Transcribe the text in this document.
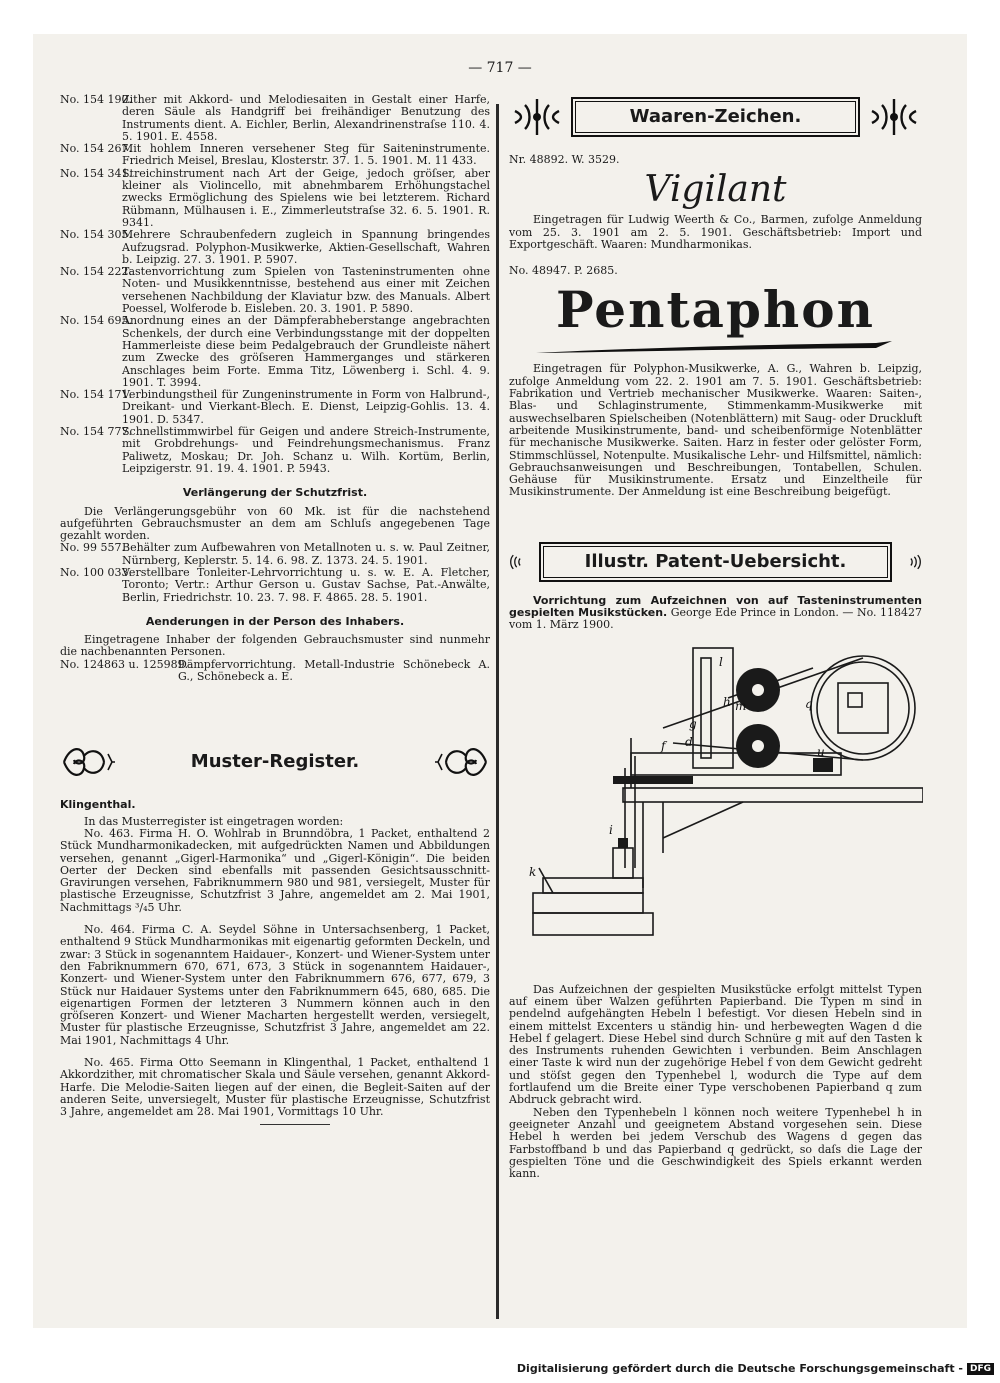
— 717 —

No. 154 190.
Zither mit Akkord- und Melodiesaiten in Gestalt einer Harfe, deren Säule als Handgriff bei freihändiger Benutzung des Instruments dient. A. Eichler, Berlin, Alexandrinenstraſse 110. 4. 5. 1901. E. 4558.

No. 154 267.
Mit hohlem Inneren versehener Steg für Saiteninstrumente. Friedrich Meisel, Breslau, Klosterstr. 37. 1. 5. 1901. M. 11 433.

No. 154 341.
Streichinstrument nach Art der Geige, jedoch gröſser, aber kleiner als Violincello, mit abnehmbarem Erhöhungstachel zwecks Ermöglichung des Spielens wie bei letzterem. Richard Rübmann, Mülhausen i. E., Zimmerleutstraſse 32. 6. 5. 1901. R. 9341.

No. 154 305.
Mehrere Schraubenfedern zugleich in Spannung bringendes Aufzugsrad. Polyphon-Musikwerke, Aktien-Gesellschaft, Wahren b. Leipzig. 27. 3. 1901. P. 5907.

No. 154 222.
Tastenvorrichtung zum Spielen von Tasteninstrumenten ohne Noten- und Musikkenntnisse, bestehend aus einer mit Zeichen versehenen Nachbildung der Klaviatur bzw. des Manuals. Albert Poessel, Wolferode b. Eisleben. 20. 3. 1901. P. 5890.

No. 154 695.
Anordnung eines an der Dämpferabheberstange angebrachten Schenkels, der durch eine Verbindungsstange mit der doppelten Hammerleiste diese beim Pedalgebrauch der Grundleiste nähert zum Zwecke des gröſseren Hammerganges und stärkeren Anschlages beim Forte. Emma Titz, Löwenberg i. Schl. 4. 9. 1901. T. 3994.

No. 154 171.
Verbindungstheil für Zungeninstrumente in Form von Halbrund-, Dreikant- und Vierkant-Blech. E. Dienst, Leipzig-Gohlis. 13. 4. 1901. D. 5347.

No. 154 777.
Schnellstimmwirbel für Geigen und andere Streich-Instrumente, mit Grobdrehungs- und Feindrehungsmechanismus. Franz Paliwetz, Moskau; Dr. Joh. Schanz u. Wilh. Kortüm, Berlin, Leipzigerstr. 91. 19. 4. 1901. P. 5943.

Verlängerung der Schutzfrist.

Die Verlängerungsgebühr von 60 Mk. ist für die nachstehend aufgeführten Gebrauchsmuster an dem am Schluſs angegebenen Tage gezahlt worden.

No. 99 557.
Behälter zum Aufbewahren von Metallnoten u. s. w. Paul Zeitner, Nürnberg, Keplerstr. 5. 14. 6. 98. Z. 1373. 24. 5. 1901.

No. 100 033.
Verstellbare Tonleiter-Lehrvorrichtung u. s. w. E. A. Fletcher, Toronto; Vertr.: Arthur Gerson u. Gustav Sachse, Pat.-Anwälte, Berlin, Friedrichstr. 10. 23. 7. 98. F. 4865. 28. 5. 1901.

Aenderungen in der Person des Inhabers.

Eingetragene Inhaber der folgenden Gebrauchsmuster sind nunmehr die nachbenannten Personen.

No. 124863 u. 125989.
Dämpfervorrichtung. Metall-Industrie Schönebeck A. G., Schönebeck a. E.

Muster-Register.
Klingenthal.

In das Musterregister ist eingetragen worden:

No. 463. Firma H. O. Wohlrab in Brunndöbra, 1 Packet, enthaltend 2 Stück Mundharmonikadecken, mit aufgedrückten Namen und Abbildungen versehen, genannt „Gigerl-Harmonika“ und „Gigerl-Königin“. Die beiden Oerter der Decken sind ebenfalls mit passenden Gesichtsausschnitt-Gravirungen versehen, Fabriknummern 980 und 981, versiegelt, Muster für plastische Erzeugnisse, Schutzfrist 3 Jahre, angemeldet am 2. Mai 1901, Nachmittags ³/₄5 Uhr.

No. 464. Firma C. A. Seydel Söhne in Untersachsenberg, 1 Packet, enthaltend 9 Stück Mundharmonikas mit eigenartig geformten Deckeln, und zwar: 3 Stück in sogenanntem Haidauer-, Konzert- und Wiener-System unter den Fabriknummern 670, 671, 673, 3 Stück in sogenanntem Haidauer-, Konzert- und Wiener-System unter den Fabriknummern 676, 677, 679, 3 Stück nur Haidauer Systems unter den Fabriknummern 645, 680, 685. Die eigenartigen Formen der letzteren 3 Nummern können auch in den gröſseren Konzert- und Wiener Macharten hergestellt werden, versiegelt, Muster für plastische Erzeugnisse, Schutzfrist 3 Jahre, angemeldet am 22. Mai 1901, Nachmittags 4 Uhr.

No. 465. Firma Otto Seemann in Klingenthal, 1 Packet, enthaltend 1 Akkordzither, mit chromatischer Skala und Säule versehen, genannt Akkord-Harfe. Die Melodie-Saiten liegen auf der einen, die Begleit-Saiten auf der anderen Seite, unversiegelt, Muster für plastische Erzeugnisse, Schutzfrist 3 Jahre, angemeldet am 28. Mai 1901, Vormittags 10 Uhr.

Waaren-Zeichen.

Nr. 48892. W. 3529.

Vigilant

Eingetragen für Ludwig Weerth & Co., Barmen, zufolge Anmeldung vom 25. 3. 1901 am 2. 5. 1901. Geschäftsbetrieb: Import und Exportgeschäft. Waaren: Mundharmonikas.

No. 48947. P. 2685.

Pentaphon

Eingetragen für Polyphon-Musikwerke, A. G., Wahren b. Leipzig, zufolge Anmeldung vom 22. 2. 1901 am 7. 5. 1901. Geschäftsbetrieb: Fabrikation und Vertrieb mechanischer Musikwerke. Waaren: Saiten-, Blas- und Schlaginstrumente, Stimmenkamm-Musikwerke mit auswechselbaren Spielscheiben (Notenblättern) mit Saug- oder Druckluft arbeitende Musikinstrumente, band- und scheibenförmige Notenblätter für mechanische Musikwerke. Saiten. Harz in fester oder gelöster Form, Stimmschlüssel, Notenpulte. Musikalische Lehr- und Hilfsmittel, nämlich: Gebrauchsanweisungen und Beschreibungen, Tontabellen, Schulen. Gehäuse für Musikinstrumente. Ersatz und Einzeltheile für Musikinstrumente. Der Anmeldung ist eine Beschreibung beigefügt.

Illustr. Patent-Uebersicht.

Vorrichtung zum Aufzeichnen von auf Tasteninstrumenten gespielten Musikstücken. George Ede Prince in London. — No. 118427 vom 1. März 1900.

l
h m
f d
g
q
u
k
i

Das Aufzeichnen der gespielten Musikstücke erfolgt mittelst Typen auf einem über Walzen geführten Papierband. Die Typen m sind in pendelnd aufgehängten Hebeln l befestigt. Vor diesen Hebeln sind in einem mittelst Excenters u ständig hin- und herbewegten Wagen d die Hebel f gelagert. Diese Hebel sind durch Schnüre g mit auf den Tasten k des Instruments ruhenden Gewichten i verbunden. Beim Anschlagen einer Taste k wird nun der zugehörige Hebel f von dem Gewicht gedreht und stöſst gegen den Typenhebel l, wodurch die Type auf dem fortlaufend um die Breite einer Type verschobenen Papierband q zum Abdruck gebracht wird.

Neben den Typenhebeln l können noch weitere Typenhebel h in geeigneter Anzahl und geeignetem Abstand vorgesehen sein. Diese Hebel h werden bei jedem Verschub des Wagens d gegen das Farbstoffband b und das Papierband q gedrückt, so daſs die Lage der gespielten Töne und die Geschwindigkeit des Spiels erkannt werden kann.

Digitalisierung gefördert durch die Deutsche Forschungsgemeinschaft - DFG
